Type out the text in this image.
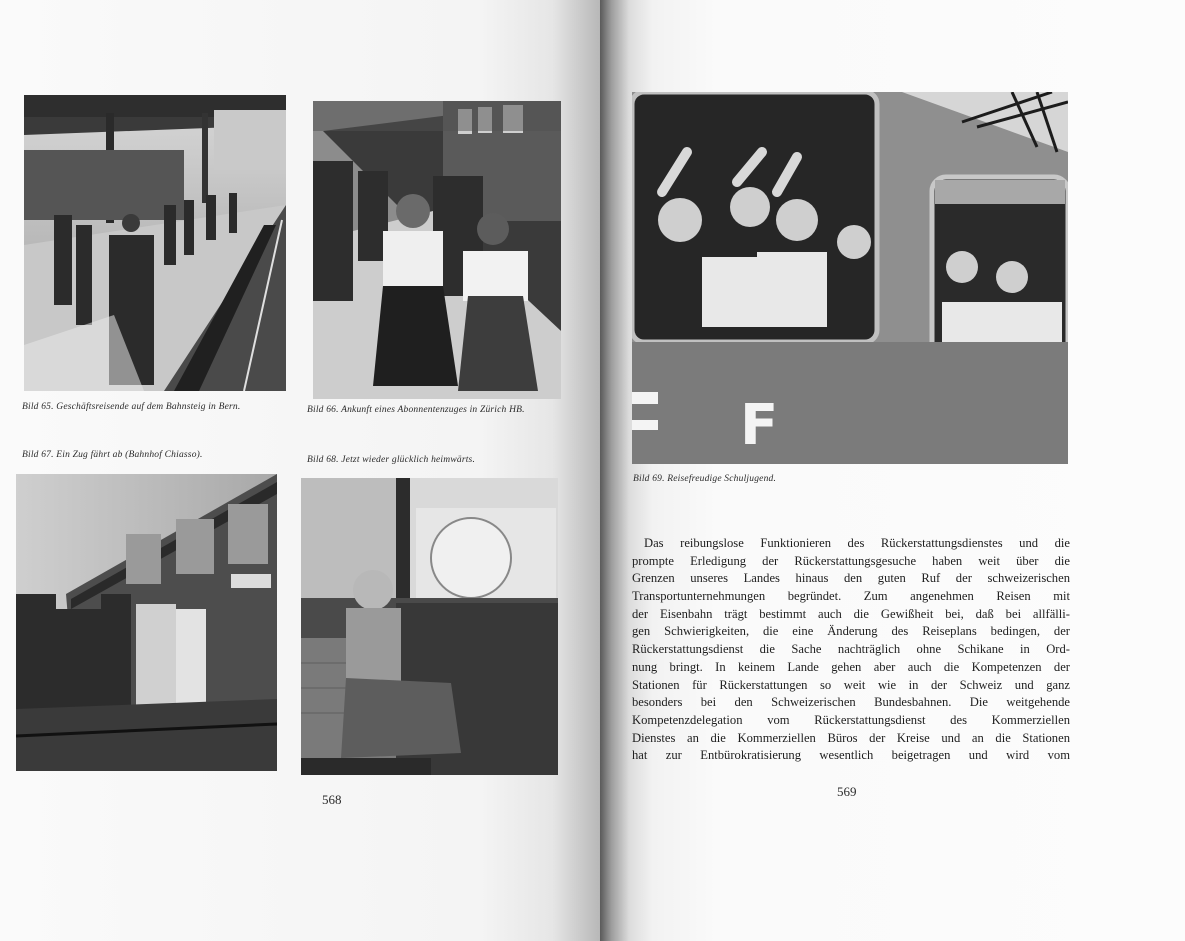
Bild 65. Geschäftsreisende auf dem Bahnsteig in Bern.	Bild 66. Ankunft eines Abonnentenzuges in Zürich HB.
Bild 67. Ein Zug fährt ab (Bahnhof Chiasso).	Bild 68. Jetzt wieder glücklich heimwärts.
F
Bild 69. Reisefreudige Schuljugend.
568
569
Das reibungslose Funktionieren des Rückerstattungsdienstes und die
prompte Erledigung der Rückerstattungsgesuche haben weit über die
Grenzen unseres Landes hinaus den guten Ruf der schweizerischen
Transportunternehmungen begründet. Zum angenehmen Reisen mit
der Eisenbahn trägt bestimmt auch die Gewißheit bei, daß bei allfälli-
gen Schwierigkeiten, die eine Änderung des Reiseplans bedingen, der
Rückerstattungsdienst die Sache nachträglich ohne Schikane in Ord-
nung bringt. In keinem Lande gehen aber auch die Kompetenzen der
Stationen für Rückerstattungen so weit wie in der Schweiz und ganz
besonders bei den Schweizerischen Bundesbahnen. Die weitgehende
Kompetenzdelegation vom Rückerstattungsdienst des Kommerziellen
Dienstes an die Kommerziellen Büros der Kreise und an die Stationen
hat zur Entbürokratisierung wesentlich beigetragen und wird vom
